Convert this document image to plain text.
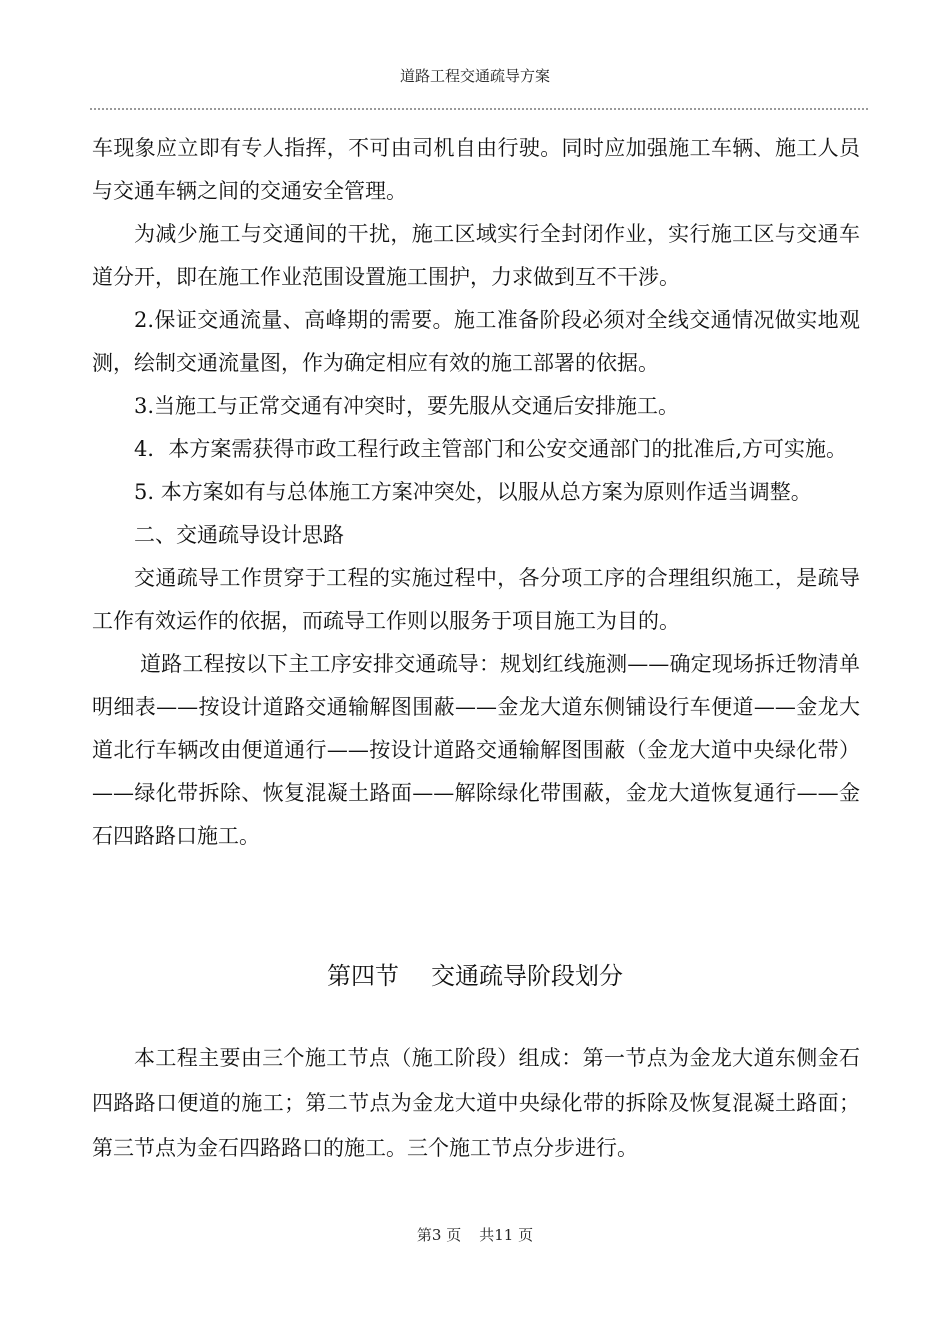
道路工程交通疏导方案

车现象应立即有专人指挥，不可由司机自由行驶。同时应加强施工车辆、施工人员与交通车辆之间的交通安全管理。

为减少施工与交通间的干扰，施工区域实行全封闭作业，实行施工区与交通车道分开，即在施工作业范围设置施工围护，力求做到互不干涉。

2.保证交通流量、高峰期的需要。施工准备阶段必须对全线交通情况做实地观测，绘制交通流量图，作为确定相应有效的施工部署的依据。

3.当施工与正常交通有冲突时，要先服从交通后安排施工。

4．本方案需获得市政工程行政主管部门和公安交通部门的批准后,方可实施。

5. 本方案如有与总体施工方案冲突处，以服从总方案为原则作适当调整。

二、交通疏导设计思路

交通疏导工作贯穿于工程的实施过程中，各分项工序的合理组织施工，是疏导工作有效运作的依据，而疏导工作则以服务于项目施工为目的。

道路工程按以下主工序安排交通疏导：规划红线施测——确定现场拆迁物清单明细表——按设计道路交通输解图围蔽——金龙大道东侧铺设行车便道——金龙大道北行车辆改由便道通行——按设计道路交通输解图围蔽（金龙大道中央绿化带）——绿化带拆除、恢复混凝土路面——解除绿化带围蔽，金龙大道恢复通行——金石四路路口施工。

第四节 交通疏导阶段划分

本工程主要由三个施工节点（施工阶段）组成：第一节点为金龙大道东侧金石四路路口便道的施工；第二节点为金龙大道中央绿化带的拆除及恢复混凝土路面；第三节点为金石四路路口的施工。三个施工节点分步进行。

第3 页 共11 页
